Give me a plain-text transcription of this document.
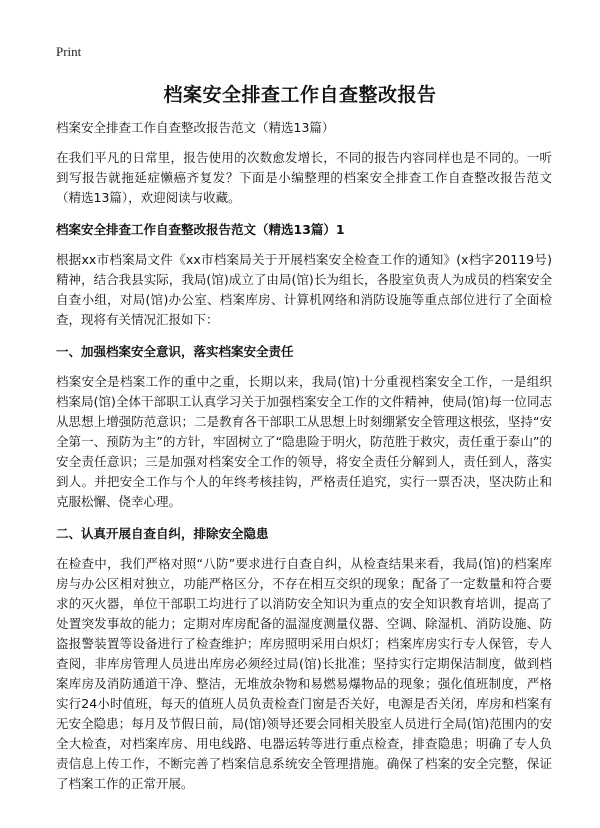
Print
档案安全排查工作自查整改报告
档案安全排查工作自查整改报告范文（精选13篇）
在我们平凡的日常里，报告使用的次数愈发增长，不同的报告内容同样也是不同的。一听到写报告就拖延症懒癌齐复发？下面是小编整理的档案安全排查工作自查整改报告范文（精选13篇），欢迎阅读与收藏。
档案安全排查工作自查整改报告范文（精选13篇）1
根据xx市档案局文件《xx市档案局关于开展档案安全检查工作的通知》(x档字20119号)精神，结合我县实际，我局(馆)成立了由局(馆)长为组长，各股室负责人为成员的档案安全自查小组，对局(馆)办公室、档案库房、计算机网络和消防设施等重点部位进行了全面检查，现将有关情况汇报如下：
一、加强档案安全意识，落实档案安全责任
档案安全是档案工作的重中之重，长期以来，我局(馆)十分重视档案安全工作，一是组织档案局(馆)全体干部职工认真学习关于加强档案安全工作的文件精神，使局(馆)每一位同志从思想上增强防范意识；二是教育各干部职工从思想上时刻绷紧安全管理这根弦，坚持“安全第一、预防为主”的方针，牢固树立了“隐患险于明火，防范胜于救灾，责任重于泰山”的安全责任意识；三是加强对档案安全工作的领导，将安全责任分解到人，责任到人，落实到人。并把安全工作与个人的年终考核挂钩，严格责任追究，实行一票否决，坚决防止和克服松懈、侥幸心理。
二、认真开展自查自纠，排除安全隐患
在检查中，我们严格对照“八防”要求进行自查自纠，从检查结果来看，我局(馆)的档案库房与办公区相对独立，功能严格区分，不存在相互交织的现象；配备了一定数量和符合要求的灭火器，单位干部职工均进行了以消防安全知识为重点的安全知识教育培训，提高了处置突发事故的能力；定期对库房配备的温湿度测量仪器、空调、除湿机、消防设施、防盗报警装置等设备进行了检查维护；库房照明采用白炽灯；档案库房实行专人保管，专人查阅，非库房管理人员进出库房必须经过局(馆)长批准；坚持实行定期保洁制度，做到档案库房及消防通道干净、整洁，无堆放杂物和易燃易爆物品的现象；强化值班制度，严格实行24小时值班，每天的值班人员负责检查门窗是否关好，电源是否关闭，库房和档案有无安全隐患；每月及节假日前，局(馆)领导还要会同相关股室人员进行全局(馆)范围内的安全大检查，对档案库房、用电线路、电器运转等进行重点检查，排查隐患；明确了专人负责信息上传工作，不断完善了档案信息系统安全管理措施。确保了档案的安全完整，保证了档案工作的正常开展。
